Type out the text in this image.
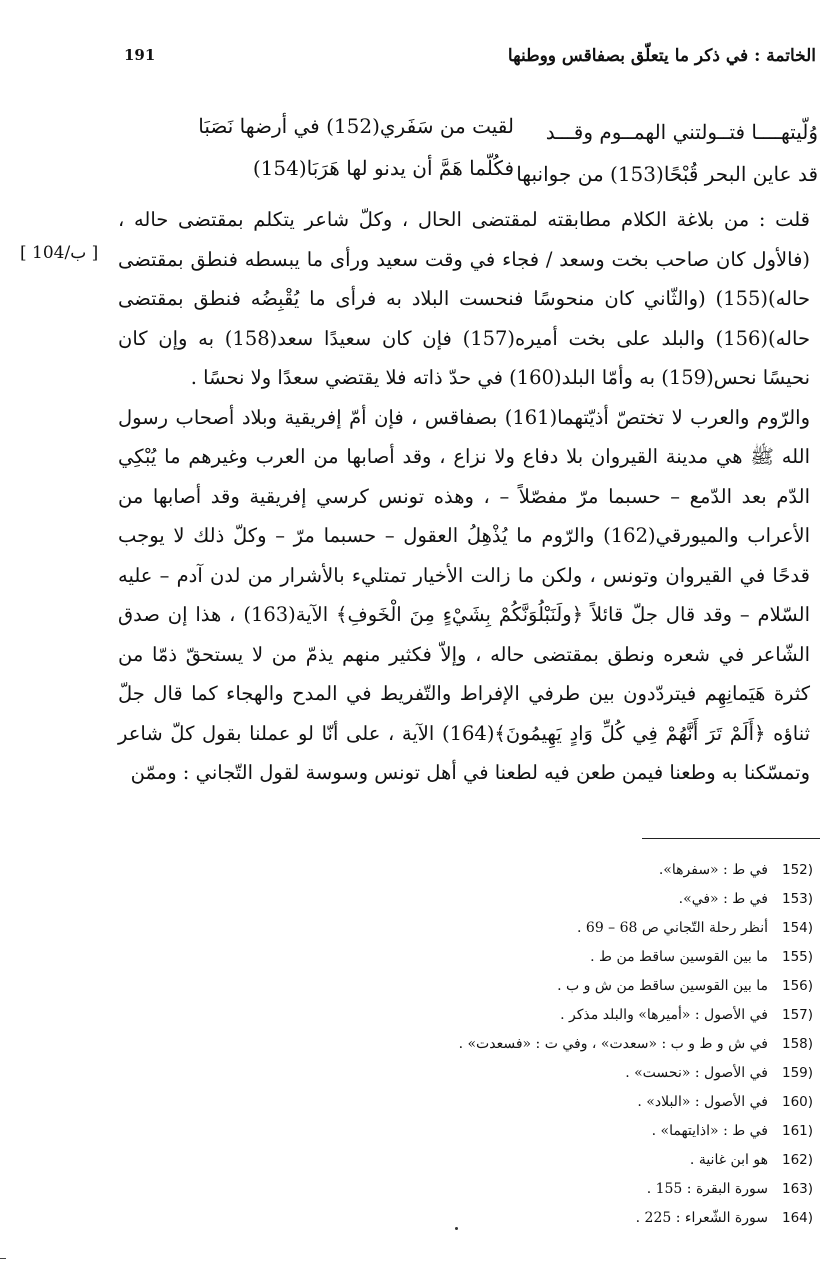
الخاتمة : في ذكر ما يتعلّق بصفاقس ووطنها
191
وُلّيتهــــا فتــولتني الهمــوم وقـــد
لقيت من سَفَري(152) في أرضها نَصَبَا
قد عاين البحر قُبْحًا(153) من جوانبها
فكُلّما هَمَّ أن يدنو لها هَرَبَا(154)
[ 104/ب ]

قلت : من بلاغة الكلام مطابقته لمقتضى الحال ، وكلّ شاعر يتكلم بمقتضى حاله ، (فالأول كان صاحب بخت وسعد / فجاء في وقت سعيد ورأى ما يبسطه فنطق بمقتضى حاله)(155) (والثّاني كان منحوسًا فنحست البلاد به فرأى ما يُقْبِضُه فنطق بمقتضى حاله)(156) والبلد على بخت أميره(157) فإن كان سعيدًا سعد(158) به وإن كان نحيسًا نحس(159) به وأمّا البلد(160) في حدّ ذاته فلا يقتضي سعدًا ولا نحسًا .

والرّوم والعرب لا تختصّ أذيّتهما(161) بصفاقس ، فإن أمّ إفريقية وبلاد أصحاب رسول الله ﷺ هي مدينة القيروان بلا دفاع ولا نزاع ، وقد أصابها من العرب وغيرهم ما يُبْكِي الدّم بعد الدّمع – حسبما مرّ مفصّلاً – ، وهذه تونس كرسي إفريقية وقد أصابها من الأعراب والميورقي(162) والرّوم ما يُذْهِلُ العقول – حسبما مرّ – وكلّ ذلك لا يوجب قدحًا في القيروان وتونس ، ولكن ما زالت الأخيار تمتليء بالأشرار من لدن آدم – عليه السّلام – وقد قال جلّ قائلاً ﴿ولَنَبْلُوَنَّكُمْ بِشَيْءٍ مِنَ الْخَوفِ﴾ الآية(163) ، هذا إن صدق الشّاعر في شعره ونطق بمقتضى حاله ، وإلاّ فكثير منهم يذمّ من لا يستحقّ ذمّا من كثرة هَيَمانِهِم فيتردّدون بين طرفي الإفراط والتّفريط في المدح والهجاء كما قال جلّ ثناؤه ﴿أَلَمْ تَرَ أَنَّهُمْ فِي كُلِّ وَادٍ يَهِيمُونَ﴾(164) الآية ، على أنّا لو عملنا بقول كلّ شاعر وتمسّكنا به وطعنا فيمن طعن فيه لطعنا في أهل تونس وسوسة لقول التّجاني : وممّن

(152في ط : «سفرها».
(153في ط : «في».
(154أنظر رحلة التّجاني ص 68 – 69 .
(155ما بين القوسين ساقط من ط .
(156ما بين القوسين ساقط من ش و ب .
(157في الأصول : «أميرها» والبلد مذكر .
(158في ش و ط و ب : «سعدت» ، وفي ت : «فسعدت» .
(159في الأصول : «نحست» .
(160في الأصول : «البلاد» .
(161في ط : «اذايتهما» .
(162هو ابن غانية .
(163سورة البقرة : 155 .
(164سورة الشّعراء : 225 .
